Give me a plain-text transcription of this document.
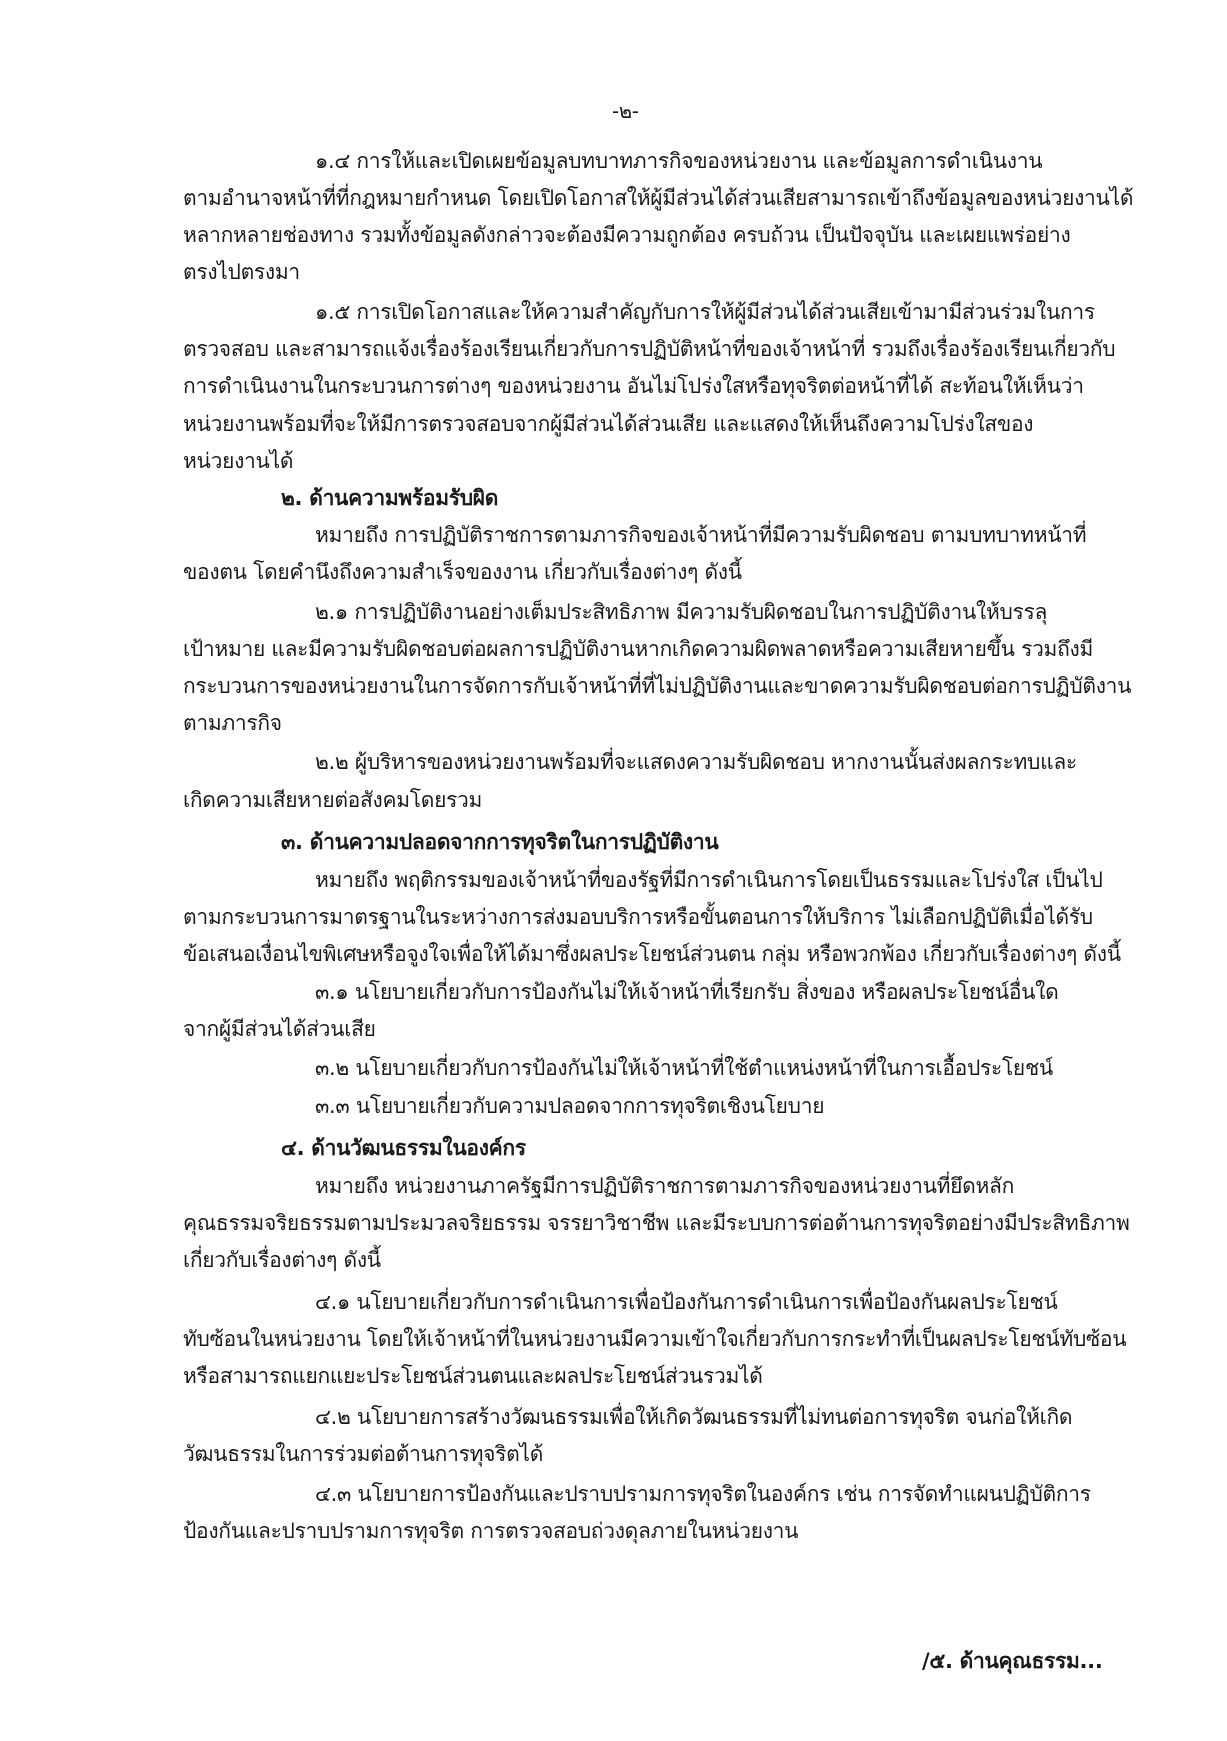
-๒-
๑.๔ การให้และเปิดเผยข้อมูลบทบาทภารกิจของหน่วยงาน และข้อมูลการดำเนินงาน
ตามอำนาจหน้าที่ที่กฎหมายกำหนด โดยเปิดโอกาสให้ผู้มีส่วนได้ส่วนเสียสามารถเข้าถึงข้อมูลของหน่วยงานได้
หลากหลายช่องทาง รวมทั้งข้อมูลดังกล่าวจะต้องมีความถูกต้อง ครบถ้วน เป็นปัจจุบัน และเผยแพร่อย่าง
ตรงไปตรงมา
๑.๕ การเปิดโอกาสและให้ความสำคัญกับการให้ผู้มีส่วนได้ส่วนเสียเข้ามามีส่วนร่วมในการ
ตรวจสอบ และสามารถแจ้งเรื่องร้องเรียนเกี่ยวกับการปฏิบัติหน้าที่ของเจ้าหน้าที่ รวมถึงเรื่องร้องเรียนเกี่ยวกับ
การดำเนินงานในกระบวนการต่างๆ ของหน่วยงาน อันไม่โปร่งใสหรือทุจริตต่อหน้าที่ได้ สะท้อนให้เห็นว่า
หน่วยงานพร้อมที่จะให้มีการตรวจสอบจากผู้มีส่วนได้ส่วนเสีย และแสดงให้เห็นถึงความโปร่งใสของ
หน่วยงานได้
๒. ด้านความพร้อมรับผิด
หมายถึง การปฏิบัติราชการตามภารกิจของเจ้าหน้าที่มีความรับผิดชอบ ตามบทบาทหน้าที่
ของตน โดยคำนึงถึงความสำเร็จของงาน เกี่ยวกับเรื่องต่างๆ ดังนี้
๒.๑ การปฏิบัติงานอย่างเต็มประสิทธิภาพ มีความรับผิดชอบในการปฏิบัติงานให้บรรลุ
เป้าหมาย และมีความรับผิดชอบต่อผลการปฏิบัติงานหากเกิดความผิดพลาดหรือความเสียหายขึ้น รวมถึงมี
กระบวนการของหน่วยงานในการจัดการกับเจ้าหน้าที่ที่ไม่ปฏิบัติงานและขาดความรับผิดชอบต่อการปฏิบัติงาน
ตามภารกิจ
๒.๒ ผู้บริหารของหน่วยงานพร้อมที่จะแสดงความรับผิดชอบ หากงานนั้นส่งผลกระทบและ
เกิดความเสียหายต่อสังคมโดยรวม
๓. ด้านความปลอดจากการทุจริตในการปฏิบัติงาน
หมายถึง พฤติกรรมของเจ้าหน้าที่ของรัฐที่มีการดำเนินการโดยเป็นธรรมและโปร่งใส เป็นไป
ตามกระบวนการมาตรฐานในระหว่างการส่งมอบบริการหรือขั้นตอนการให้บริการ ไม่เลือกปฏิบัติเมื่อได้รับ
ข้อเสนอเงื่อนไขพิเศษหรือจูงใจเพื่อให้ได้มาซึ่งผลประโยชน์ส่วนตน กลุ่ม หรือพวกพ้อง เกี่ยวกับเรื่องต่างๆ ดังนี้
๓.๑ นโยบายเกี่ยวกับการป้องกันไม่ให้เจ้าหน้าที่เรียกรับ สิ่งของ หรือผลประโยชน์อื่นใด
จากผู้มีส่วนได้ส่วนเสีย
๓.๒ นโยบายเกี่ยวกับการป้องกันไม่ให้เจ้าหน้าที่ใช้ตำแหน่งหน้าที่ในการเอื้อประโยชน์
๓.๓ นโยบายเกี่ยวกับความปลอดจากการทุจริตเชิงนโยบาย
๔. ด้านวัฒนธรรมในองค์กร
หมายถึง หน่วยงานภาครัฐมีการปฏิบัติราชการตามภารกิจของหน่วยงานที่ยึดหลัก
คุณธรรมจริยธรรมตามประมวลจริยธรรม จรรยาวิชาชีพ และมีระบบการต่อต้านการทุจริตอย่างมีประสิทธิภาพ
เกี่ยวกับเรื่องต่างๆ ดังนี้
๔.๑ นโยบายเกี่ยวกับการดำเนินการเพื่อป้องกันการดำเนินการเพื่อป้องกันผลประโยชน์
ทับซ้อนในหน่วยงาน โดยให้เจ้าหน้าที่ในหน่วยงานมีความเข้าใจเกี่ยวกับการกระทำที่เป็นผลประโยชน์ทับซ้อน
หรือสามารถแยกแยะประโยชน์ส่วนตนและผลประโยชน์ส่วนรวมได้
๔.๒ นโยบายการสร้างวัฒนธรรมเพื่อให้เกิดวัฒนธรรมที่ไม่ทนต่อการทุจริต จนก่อให้เกิด
วัฒนธรรมในการร่วมต่อต้านการทุจริตได้
๔.๓ นโยบายการป้องกันและปราบปรามการทุจริตในองค์กร เช่น การจัดทำแผนปฏิบัติการ
ป้องกันและปราบปรามการทุจริต การตรวจสอบถ่วงดุลภายในหน่วยงาน
/๕. ด้านคุณธรรม...
